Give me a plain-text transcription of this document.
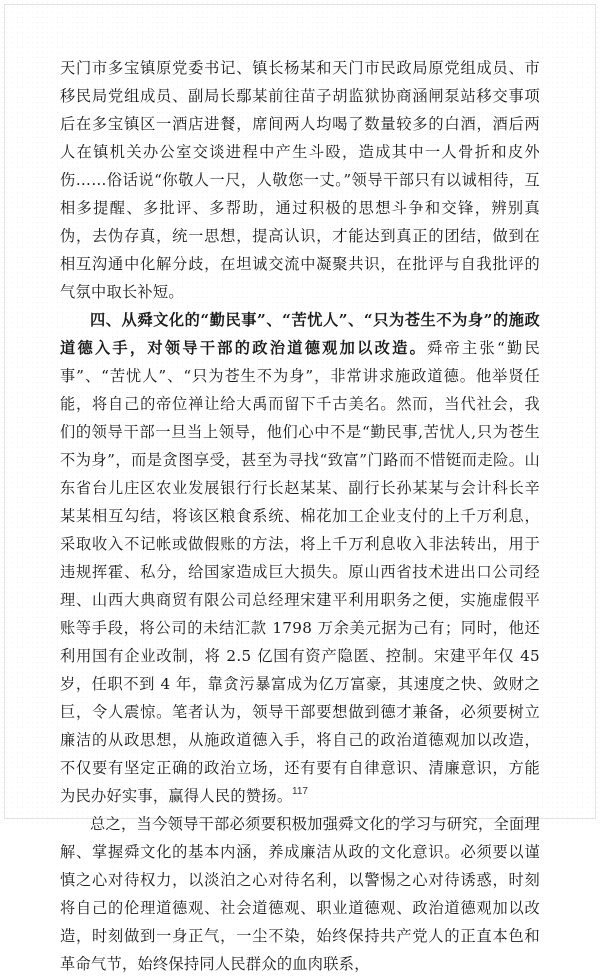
天门市多宝镇原党委书记、镇长杨某和天门市民政局原党组成员、市移民局党组成员、副局长鄢某前往苗子胡监狱协商涵闸泵站移交事项后在多宝镇区一酒店进餐，席间两人均喝了数量较多的白酒，酒后两人在镇机关办公室交谈进程中产生斗殴，造成其中一人骨折和皮外伤……俗话说“你敬人一尺，人敬您一丈。”领导干部只有以诚相待，互相多提醒、多批评、多帮助，通过积极的思想斗争和交锋，辨别真伪，去伪存真，统一思想，提高认识，才能达到真正的团结，做到在相互沟通中化解分歧，在坦诚交流中凝聚共识，在批评与自我批评的气氛中取长补短。

四、从舜文化的“勤民事”、“苦忧人”、“只为苍生不为身”的施政道德入手，对领导干部的政治道德观加以改造。舜帝主张“勤民事”、“苦忧人”、“只为苍生不为身”，非常讲求施政道德。他举贤任能，将自己的帝位禅让给大禹而留下千古美名。然而，当代社会，我们的领导干部一旦当上领导，他们心中不是“勤民事,苦忧人,只为苍生不为身”，而是贪图享受，甚至为寻找“致富”门路而不惜铤而走险。山东省台儿庄区农业发展银行行长赵某某、副行长孙某某与会计科长辛某某相互勾结，将该区粮食系统、棉花加工企业支付的上千万利息，采取收入不记帐或做假账的方法，将上千万利息收入非法转出，用于违规挥霍、私分，给国家造成巨大损失。原山西省技术进出口公司经理、山西大典商贸有限公司总经理宋建平利用职务之便，实施虚假平账等手段，将公司的未结汇款 1798 万余美元据为己有；同时，他还利用国有企业改制，将 2.5 亿国有资产隐匿、控制。宋建平年仅 45 岁，任职不到 4 年，靠贪污暴富成为亿万富豪，其速度之快、敛财之巨，令人震惊。笔者认为，领导干部要想做到德才兼备，必须要树立廉洁的从政思想，从施政道德入手，将自己的政治道德观加以改造，不仅要有坚定正确的政治立场，还有要有自律意识、清廉意识，方能为民办好实事，赢得人民的赞扬。

总之，当今领导干部必须要积极加强舜文化的学习与研究，全面理解、掌握舜文化的基本内涵，养成廉洁从政的文化意识。必须要以谨慎之心对待权力，以淡泊之心对待名利，以警惕之心对待诱惑，时刻将自己的伦理道德观、社会道德观、职业道德观、政治道德观加以改造，时刻做到一身正气，一尘不染，始终保持共产党人的正直本色和革命气节，始终保持同人民群众的血肉联系，

117
